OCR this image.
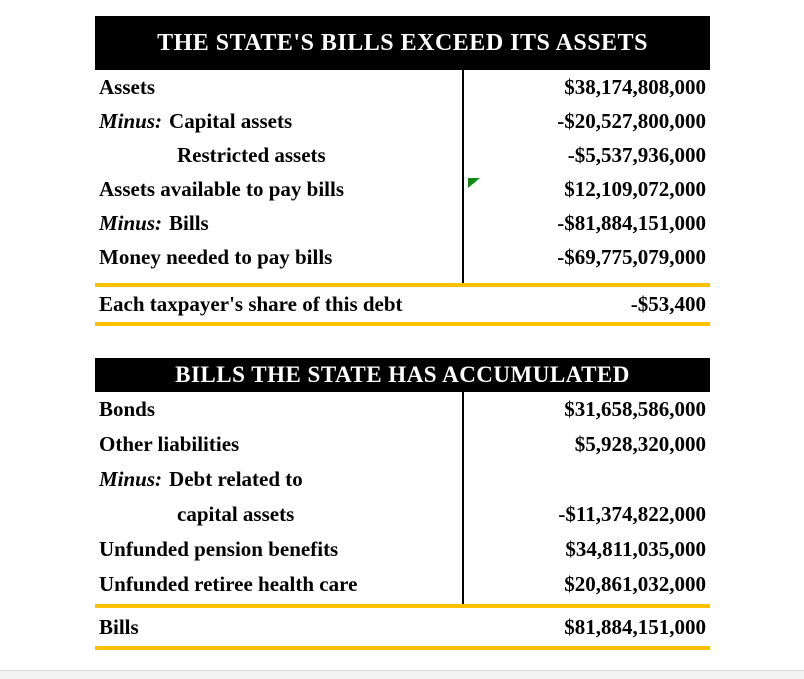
THE STATE'S BILLS EXCEED ITS ASSETS
Assets	$38,174,808,000
Minus: Capital assets	-$20,527,800,000
Restricted assets	-$5,537,936,000
Assets available to pay bills	$12,109,072,000
Minus: Bills	-$81,884,151,000
Money needed to pay bills	-$69,775,079,000
Each taxpayer's share of this debt	-$53,400
BILLS THE STATE HAS ACCUMULATED
Bonds	$31,658,586,000
Other liabilities	$5,928,320,000
Minus: Debt related to
capital assets	-$11,374,822,000
Unfunded pension benefits	$34,811,035,000
Unfunded retiree health care	$20,861,032,000
Bills	$81,884,151,000
